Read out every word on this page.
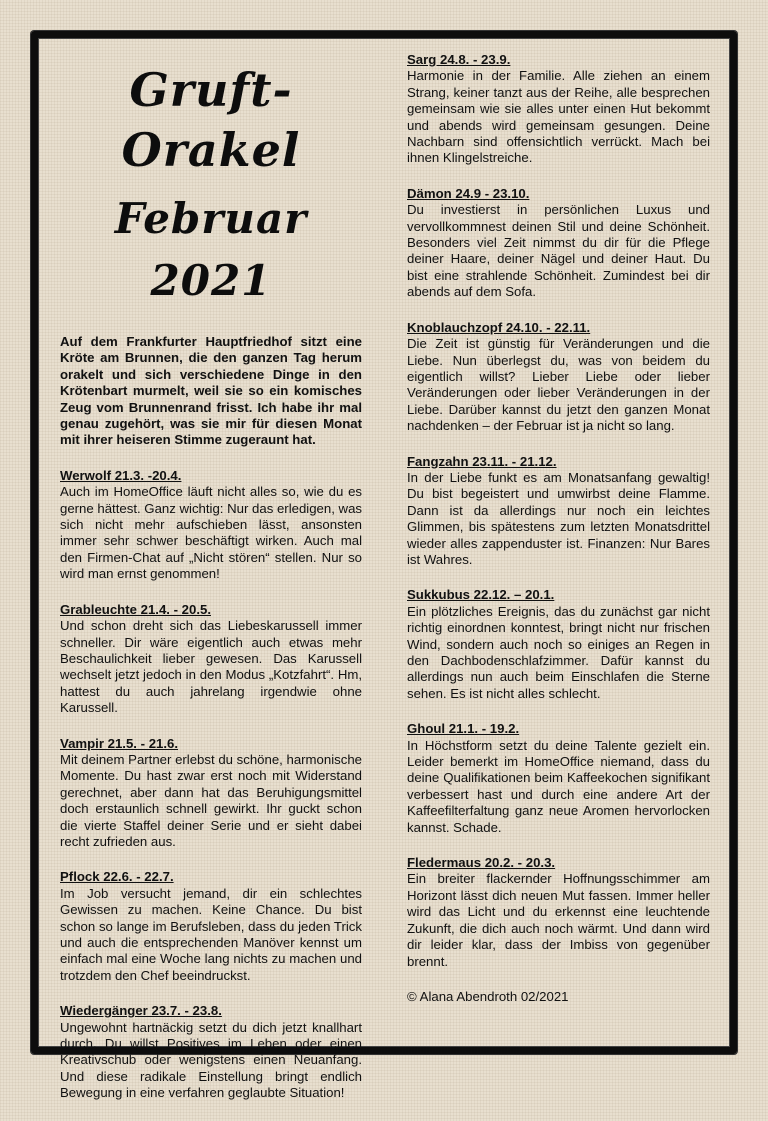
Gruft-Orakel
Februar 2021

Auf dem Frankfurter Hauptfriedhof sitzt eine Kröte am Brunnen, die den ganzen Tag herum orakelt und sich verschiedene Dinge in den Krötenbart murmelt, weil sie so ein komisches Zeug vom Brunnenrand frisst. Ich habe ihr mal genau zugehört, was sie mir für diesen Monat mit ihrer heiseren Stimme zugeraunt hat.

Werwolf 21.3. -20.4.

Auch im HomeOffice läuft nicht alles so, wie du es gerne hättest. Ganz wichtig: Nur das erledigen, was sich nicht mehr aufschieben lässt, ansonsten immer sehr schwer beschäftigt wirken. Auch mal den Firmen-Chat auf „Nicht stören“ stellen. Nur so wird man ernst genommen!

Grableuchte 21.4. - 20.5.

Und schon dreht sich das Liebeskarussell immer schneller. Dir wäre eigentlich auch etwas mehr Beschaulichkeit lieber gewesen. Das Karussell wechselt jetzt jedoch in den Modus „Kotzfahrt“. Hm, hattest du auch jahrelang irgendwie ohne Karussell.

Vampir 21.5. - 21.6.

Mit deinem Partner erlebst du schöne, harmonische Momente. Du hast zwar erst noch mit Widerstand gerechnet, aber dann hat das Beruhigungsmittel doch erstaunlich schnell gewirkt. Ihr guckt schon die vierte Staffel deiner Serie und er sieht dabei recht zufrieden aus.

Pflock 22.6. - 22.7.

Im Job versucht jemand, dir ein schlechtes Gewissen zu machen. Keine Chance. Du bist schon so lange im Berufsleben, dass du jeden Trick und auch die entsprechenden Manöver kennst um einfach mal eine Woche lang nichts zu machen und trotzdem den Chef beeindruckst.

Wiedergänger 23.7. - 23.8.

Ungewohnt hartnäckig setzt du dich jetzt knallhart durch. Du willst Positives im Leben oder einen Kreativschub oder wenigstens einen Neuanfang. Und diese radikale Einstellung bringt endlich Bewegung in eine verfahren geglaubte Situation!

Sarg 24.8. - 23.9.

Harmonie in der Familie. Alle ziehen an einem Strang, keiner tanzt aus der Reihe, alle besprechen gemeinsam wie sie alles unter einen Hut bekommt und abends wird gemeinsam gesungen. Deine Nachbarn sind offensichtlich verrückt. Mach bei ihnen Klingelstreiche.

Dämon 24.9 - 23.10.

Du investierst in persönlichen Luxus und vervollkommnest deinen Stil und deine Schönheit. Besonders viel Zeit nimmst du dir für die Pflege deiner Haare, deiner Nägel und deiner Haut. Du bist eine strahlende Schönheit. Zumindest bei dir abends auf dem Sofa.

Knoblauchzopf 24.10. - 22.11.

Die Zeit ist günstig für Veränderungen und die Liebe. Nun überlegst du, was von beidem du eigentlich willst? Lieber Liebe oder lieber Veränderungen oder lieber Veränderungen in der Liebe. Darüber kannst du jetzt den ganzen Monat nachdenken – der Februar ist ja nicht so lang.

Fangzahn 23.11. - 21.12.

In der Liebe funkt es am Monatsanfang gewaltig! Du bist begeistert und umwirbst deine Flamme. Dann ist da allerdings nur noch ein leichtes Glimmen, bis spätestens zum letzten Monatsdrittel wieder alles zappenduster ist. Finanzen: Nur Bares ist Wahres.

Sukkubus 22.12. – 20.1.

Ein plötzliches Ereignis, das du zunächst gar nicht richtig einordnen konntest, bringt nicht nur frischen Wind, sondern auch noch so einiges an Regen in den Dachbodenschlafzimmer. Dafür kannst du allerdings nun auch beim Einschlafen die Sterne sehen. Es ist nicht alles schlecht.

Ghoul 21.1. - 19.2.

In Höchstform setzt du deine Talente gezielt ein. Leider bemerkt im HomeOffice niemand, dass du deine Qualifikationen beim Kaffeekochen signifikant verbessert hast und durch eine andere Art der Kaffeefilterfaltung ganz neue Aromen hervorlocken kannst. Schade.

Fledermaus 20.2. - 20.3.

Ein breiter flackernder Hoffnungsschimmer am Horizont lässt dich neuen Mut fassen. Immer heller wird das Licht und du erkennst eine leuchtende Zukunft, die dich auch noch wärmt. Und dann wird dir leider klar, dass der Imbiss von gegenüber brennt.

© Alana Abendroth 02/2021
